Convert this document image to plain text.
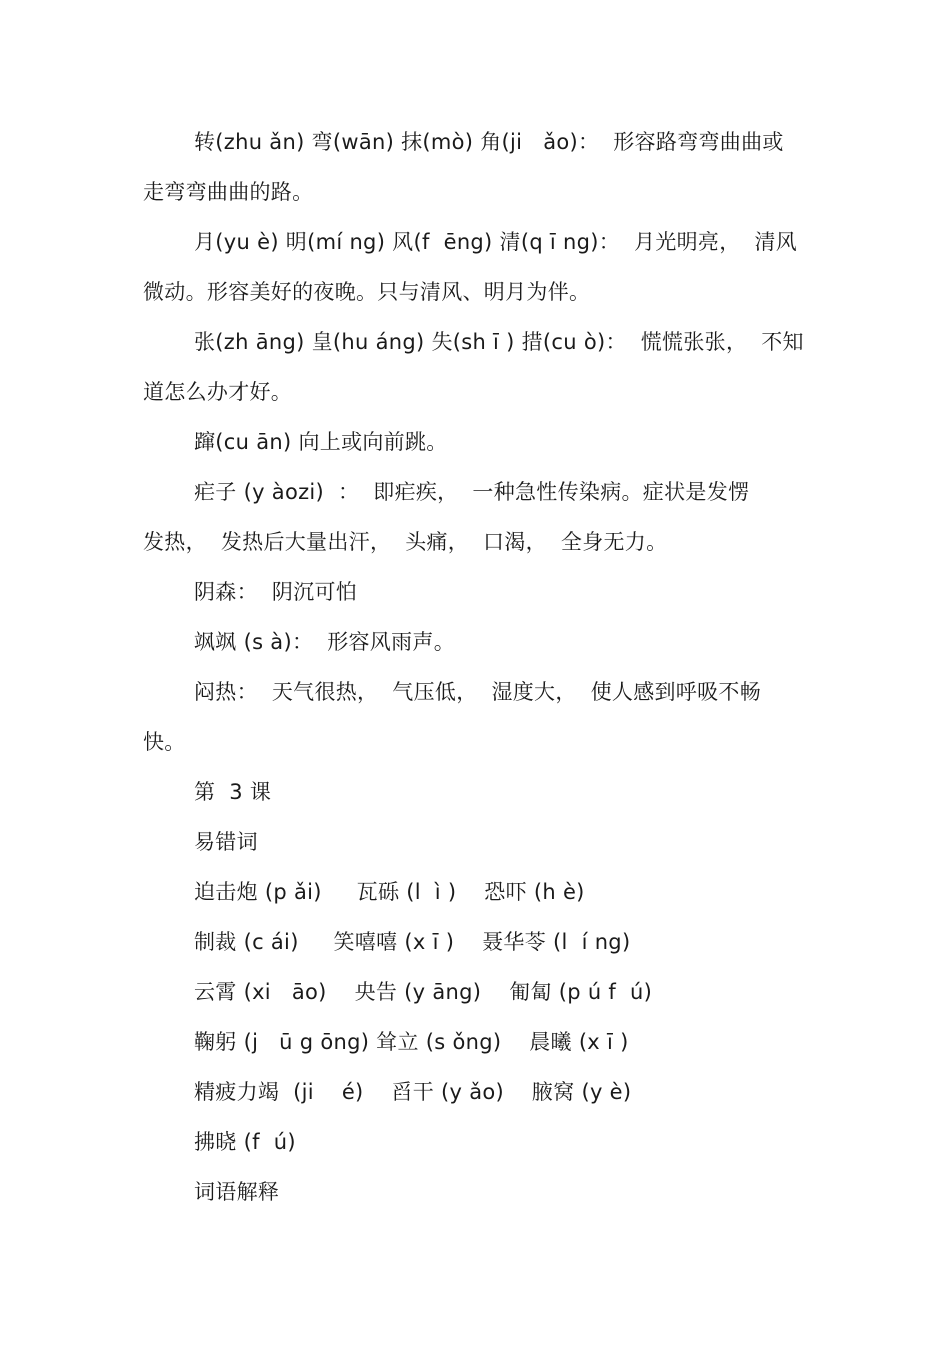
转(zhu ǎn) 弯(wān) 抹(mò) 角(ji   ǎo)：  形容路弯弯曲曲或
走弯弯曲曲的路。
月(yu è) 明(mí ng) 风(f  ēng) 清(q ī ng)：  月光明亮，  清风
微动。形容美好的夜晚。只与清风、明月为伴。
张(zh āng) 皇(hu áng) 失(sh ī ) 措(cu ò)：  慌慌张张，  不知
道怎么办才好。
蹿(cu ān) 向上或向前跳。
疟子 (y àozi)  ：  即疟疾，  一种急性传染病。症状是发愣
发热，  发热后大量出汗，  头痛，  口渴，  全身无力。
阴森：  阴沉可怕
飒飒 (s à)：  形容风雨声。
闷热：  天气很热，  气压低，  湿度大，  使人感到呼吸不畅
快。
第  3 课
易错词
迫击炮 (p ǎi)     瓦砾 (l  ì )    恐吓 (h è)
制裁 (c ái)     笑嘻嘻 (x ī )    聂华苓 (l  í ng)
云霄 (xi   āo)    央告 (y āng)    匍匐 (p ú f  ú)
鞠躬 (j   ū g ōng) 耸立 (s ǒng)    晨曦 (x ī )
精疲力竭  (ji    é)    舀干 (y ǎo)    腋窝 (y è)
拂晓 (f  ú)
词语解释
